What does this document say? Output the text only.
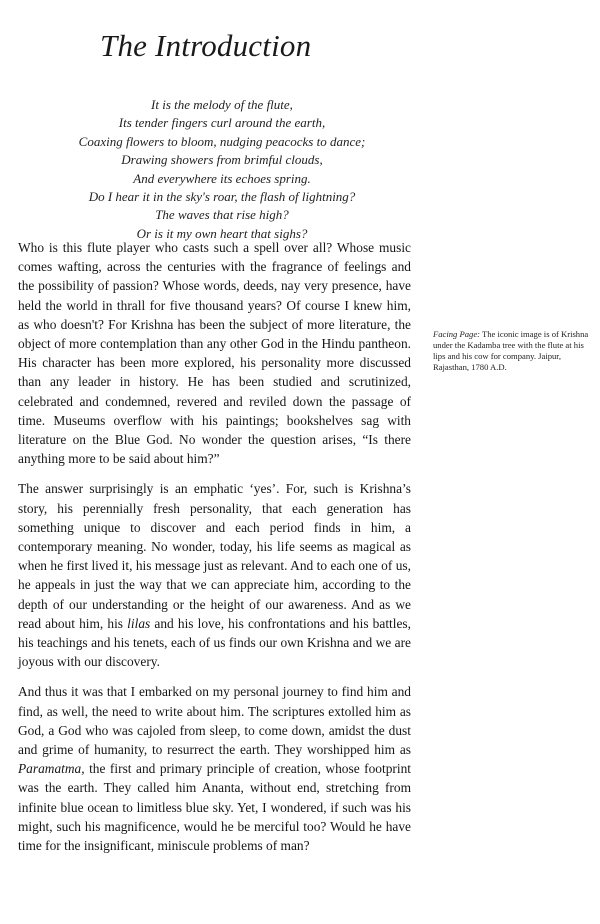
The Introduction
It is the melody of the flute,
Its tender fingers curl around the earth,
Coaxing flowers to bloom, nudging peacocks to dance;
Drawing showers from brimful clouds,
And everywhere its echoes spring.
Do I hear it in the sky's roar, the flash of lightning?
The waves that rise high?
Or is it my own heart that sighs?

Who is this flute player who casts such a spell over all? Whose music comes wafting, across the centuries with the fragrance of feelings and the possibility of passion? Whose words, deeds, nay very presence, have held the world in thrall for five thousand years? Of course I knew him, as who doesn't? For Krishna has been the subject of more literature, the object of more contemplation than any other God in the Hindu pantheon. His character has been more explored, his personality more discussed than any leader in history. He has been studied and scrutinized, celebrated and condemned, revered and reviled down the passage of time. Museums overflow with his paintings; bookshelves sag with literature on the Blue God. No wonder the question arises, “Is there anything more to be said about him?”

The answer surprisingly is an emphatic ‘yes’. For, such is Krishna’s story, his perennially fresh personality, that each generation has something unique to discover and each period finds in him, a contemporary meaning. No wonder, today, his life seems as magical as when he first lived it, his message just as relevant. And to each one of us, he appeals in just the way that we can appreciate him, according to the depth of our understanding or the height of our awareness. And as we read about him, his lilas and his love, his confrontations and his battles, his teachings and his tenets, each of us finds our own Krishna and we are joyous with our discovery.

And thus it was that I embarked on my personal journey to find him and find, as well, the need to write about him. The scriptures extolled him as God, a God who was cajoled from sleep, to come down, amidst the dust and grime of humanity, to resurrect the earth. They worshipped him as Paramatma, the first and primary principle of creation, whose footprint was the earth. They called him Ananta, without end, stretching from infinite blue ocean to limitless blue sky. Yet, I wondered, if such was his might, such his magnificence, would he be merciful too? Would he have time for the insignificant, miniscule problems of man?

Facing Page: The iconic image is of Krishna under the Kadamba tree with the flute at his lips and his cow for company. Jaipur, Rajasthan, 1780 A.D.
